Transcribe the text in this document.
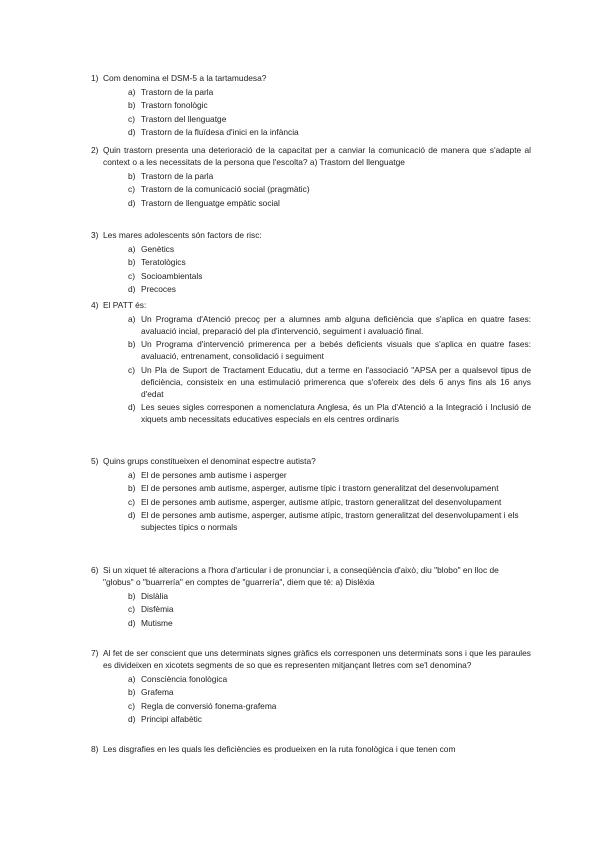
1) Com denomina el DSM-5 a la tartamudesa?
a) Trastorn de la parla
b) Trastorn fonològic
c) Trastorn del llenguatge
d) Trastorn de la fluïdesa d'inici en la infància
2) Quin trastorn presenta una deterioració de la capacitat per a canviar la comunicació de manera que s'adapte al context o a les necessitats de la persona que l'escolta? a) Trastorn del llenguatge
b) Trastorn de la parla
c) Trastorn de la comunicació social (pragmàtic)
d) Trastorn de llenguatge empàtic social
3) Les mares adolescents són factors de risc:
a) Genètics
b) Teratològics
c) Socioambientals
d) Precoces
4) El PATT és:
a) Un Programa d'Atenció precoç per a alumnes amb alguna deficiència que s'aplica en quatre fases: avaluació incial, preparació del pla d'intervenció, seguiment i avaluació final.
b) Un Programa d'intervenció primerenca per a bebés deficients visuals que s'aplica en quatre fases: avaluació, entrenament, consolidació i seguiment
c) Un Pla de Suport de Tractament Educatiu, dut a terme en l'associació "APSA per a qualsevol tipus de deficiència, consisteix en una estimulació primerenca que s'ofereix des dels 6 anys fins als 16 anys d'edat
d) Les seues sigles corresponen a nomenclatura Anglesa, és un Pla d'Atenció a la Integració i Inclusió de xiquets amb necessitats educatives especials en els centres ordinaris
5) Quins grups constitueixen el denominat espectre autista?
a) El de persones amb autisme i asperger
b) El de persones amb autisme, asperger, autisme típic i trastorn generalitzat del desenvolupament
c) El de persones amb autisme, asperger, autisme atípic, trastorn generalitzat del desenvolupament
d) El de persones amb autisme, asperger, autisme atípic, trastorn generalitzat del desenvolupament i els subjectes típics o normals
6) Si un xiquet té alteracions a l'hora d'articular i de pronunciar i, a conseqüència d'això, diu "blobo" en lloc de "globus" o "buarrería" en comptes de "guarrería", diem que té: a) Dislèxia
b) Dislàlia
c) Disfèmia
d) Mutisme
7) Al fet de ser conscient que uns determinats signes gràfics els corresponen uns determinats sons i que les paraules es divideixen en xicotets segments de so que es representen mitjançant lletres com se'l denomina?
a) Consciència fonològica
b) Grafema
c) Regla de conversió fonema-grafema
d) Principi alfabètic
8) Les disgrafies en les quals les deficiències es produeixen en la ruta fonològica i que tenen com
